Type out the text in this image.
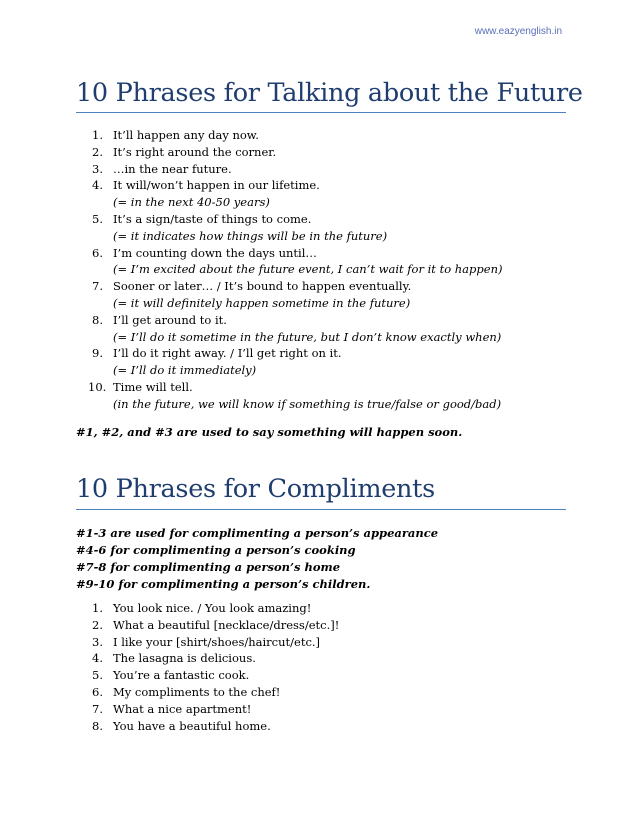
www.eazyenglish.in
10 Phrases for Talking about the Future
1. It’ll happen any day now.
2. It’s right around the corner.
3. …in the near future.
4. It will/won’t happen in our lifetime.
(= in the next 40-50 years)
5. It’s a sign/taste of things to come.
(= it indicates how things will be in the future)
6. I’m counting down the days until…
(= I’m excited about the future event, I can’t wait for it to happen)
7. Sooner or later… / It’s bound to happen eventually.
(= it will definitely happen sometime in the future)
8. I’ll get around to it.
(= I’ll do it sometime in the future, but I don’t know exactly when)
9. I’ll do it right away. / I’ll get right on it.
(= I’ll do it immediately)
10. Time will tell.
(in the future, we will know if something is true/false or good/bad)

#1, #2, and #3 are used to say something will happen soon.

10 Phrases for Compliments

#1-3 are used for complimenting a person’s appearance

#4-6 for complimenting a person’s cooking

#7-8 for complimenting a person’s home

#9-10 for complimenting a person’s children.

1. You look nice. / You look amazing!
2. What a beautiful [necklace/dress/etc.]!
3. I like your [shirt/shoes/haircut/etc.]
4. The lasagna is delicious.
5. You’re a fantastic cook.
6. My compliments to the chef!
7. What a nice apartment!
8. You have a beautiful home.
